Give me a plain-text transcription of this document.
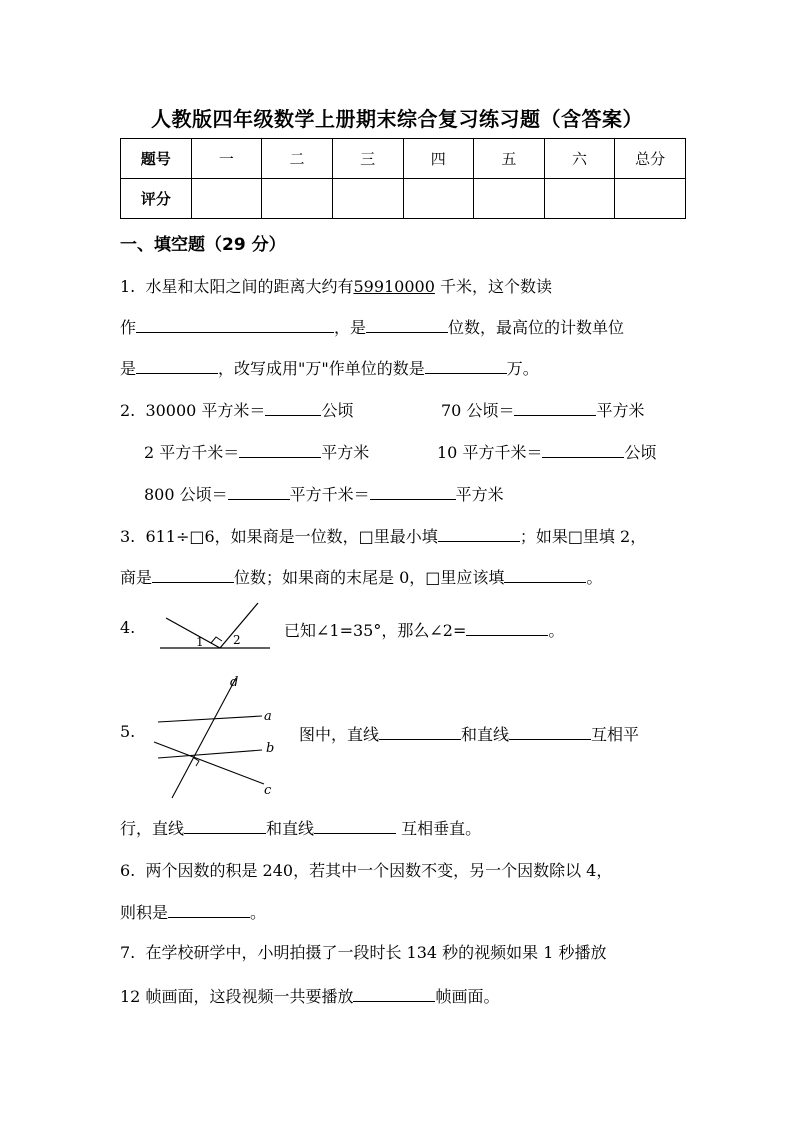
人教版四年级数学上册期末综合复习练习题（含答案）
题号	一	二	三	四	五	六	总分
评分							
一、填空题（29 分）
1. 水星和太阳之间的距离大约有59910000 千米，这个数读
作	，是	位数，最高位的计数单位
是	，改写成用"万"作单位的数是	万。
2. 30000 平方米＝	公顷	70 公顷＝	平方米
2 平方千米＝	平方米	10 平方千米＝	公顷
800 公顷＝	平方千米＝	平方米
3. 611÷□6，如果商是一位数，□里最小填	；如果□里填 2，
商是	位数；如果商的末尾是 0，□里应该填	。
4.
1 2	已知∠1=35°，那么∠2=	。
5.
a
b
c
d
图中，直线	和直线	互相平
行，直线	和直线	互相垂直。
6. 两个因数的积是 240，若其中一个因数不变，另一个因数除以 4，
则积是	。
7. 在学校研学中，小明拍摄了一段时长 134 秒的视频如果 1 秒播放
12 帧画面，这段视频一共要播放	帧画面。
